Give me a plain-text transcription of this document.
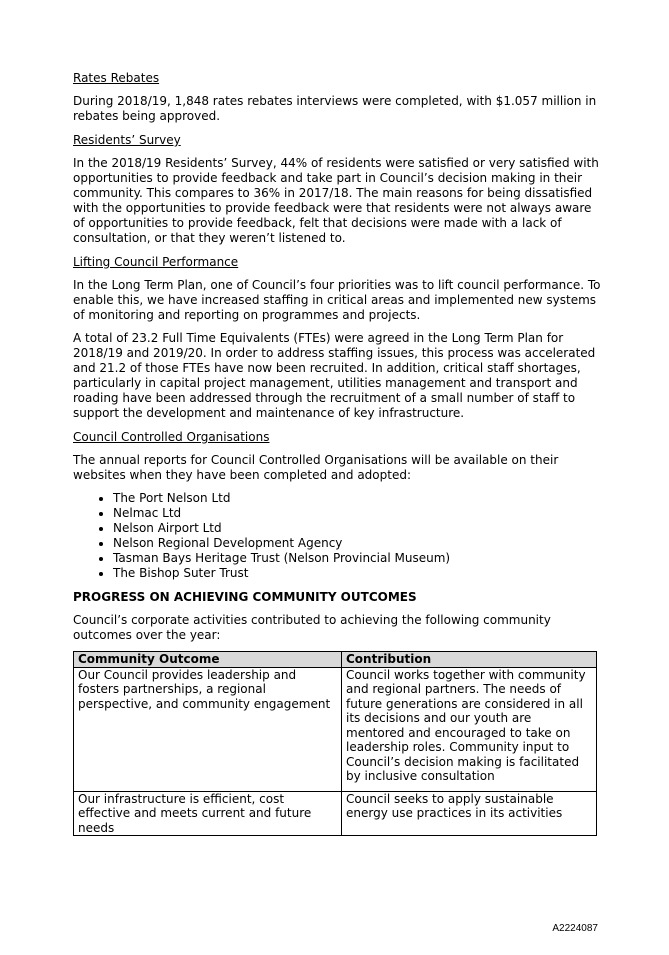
Rates Rebates

During 2018/19, 1,848 rates rebates interviews were completed, with $1.057 million in rebates being approved.

Residents’ Survey

In the 2018/19 Residents’ Survey, 44% of residents were satisfied or very satisfied with opportunities to provide feedback and take part in Council’s decision making in their community. This compares to 36% in 2017/18. The main reasons for being dissatisfied with the opportunities to provide feedback were that residents were not always aware of opportunities to provide feedback, felt that decisions were made with a lack of consultation, or that they weren’t listened to.

Lifting Council Performance

In the Long Term Plan, one of Council’s four priorities was to lift council performance. To enable this, we have increased staffing in critical areas and implemented new systems of monitoring and reporting on programmes and projects.

A total of 23.2 Full Time Equivalents (FTEs) were agreed in the Long Term Plan for 2018/19 and 2019/20. In order to address staffing issues, this process was accelerated and 21.2 of those FTEs have now been recruited. In addition, critical staff shortages, particularly in capital project management, utilities management and transport and roading have been addressed through the recruitment of a small number of staff to support the development and maintenance of key infrastructure.

Council Controlled Organisations

The annual reports for Council Controlled Organisations will be available on their websites when they have been completed and adopted:

• The Port Nelson Ltd
• Nelmac Ltd
• Nelson Airport Ltd
• Nelson Regional Development Agency
• Tasman Bays Heritage Trust (Nelson Provincial Museum)
• The Bishop Suter Trust
PROGRESS ON ACHIEVING COMMUNITY OUTCOMES

Council’s corporate activities contributed to achieving the following community outcomes over the year:

Community Outcome	Contribution
Our Council provides leadership and fosters partnerships, a regional perspective, and community engagement	Council works together with community and regional partners. The needs of future generations are considered in all its decisions and our youth are mentored and encouraged to take on leadership roles. Community input to Council’s decision making is facilitated by inclusive consultation
Our infrastructure is efficient, cost effective and meets current and future needs	Council seeks to apply sustainable energy use practices in its activities
A2224087
